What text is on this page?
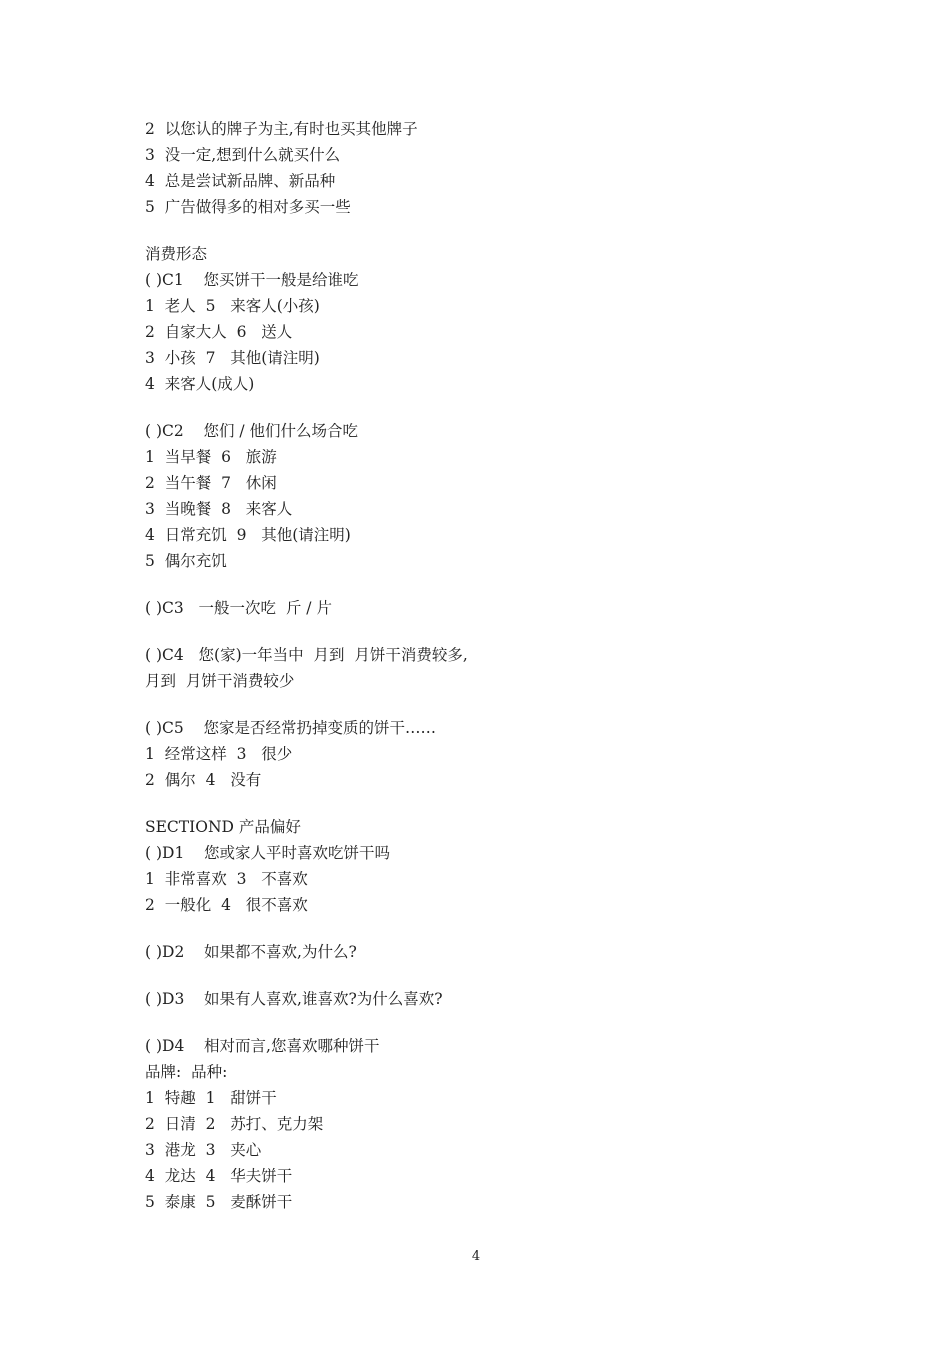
2  以您认的牌子为主,有时也买其他牌子
3  没一定,想到什么就买什么
4  总是尝试新品牌、新品种
5  广告做得多的相对多买一些
消费形态
( )C1    您买饼干一般是给谁吃
1  老人  5   来客人(小孩)
2  自家大人  6   送人
3  小孩  7   其他(请注明)
4  来客人(成人)
( )C2    您们 / 他们什么场合吃
1  当早餐  6   旅游
2  当午餐  7   休闲
3  当晚餐  8   来客人
4  日常充饥  9   其他(请注明)
5  偶尔充饥
( )C3   一般一次吃  斤 / 片
( )C4   您(家)一年当中  月到  月饼干消费较多,
月到  月饼干消费较少
( )C5    您家是否经常扔掉变质的饼干……
1  经常这样  3   很少
2  偶尔  4   没有
SECTIOND 产品偏好
( )D1    您或家人平时喜欢吃饼干吗
1  非常喜欢  3   不喜欢
2  一般化  4   很不喜欢
( )D2    如果都不喜欢,为什么?
( )D3    如果有人喜欢,谁喜欢?为什么喜欢?
( )D4    相对而言,您喜欢哪种饼干
品牌:  品种:
1  特趣  1   甜饼干
2  日清  2   苏打、克力架
3  港龙  3   夹心
4  龙达  4   华夫饼干
5  泰康  5   麦酥饼干
4
